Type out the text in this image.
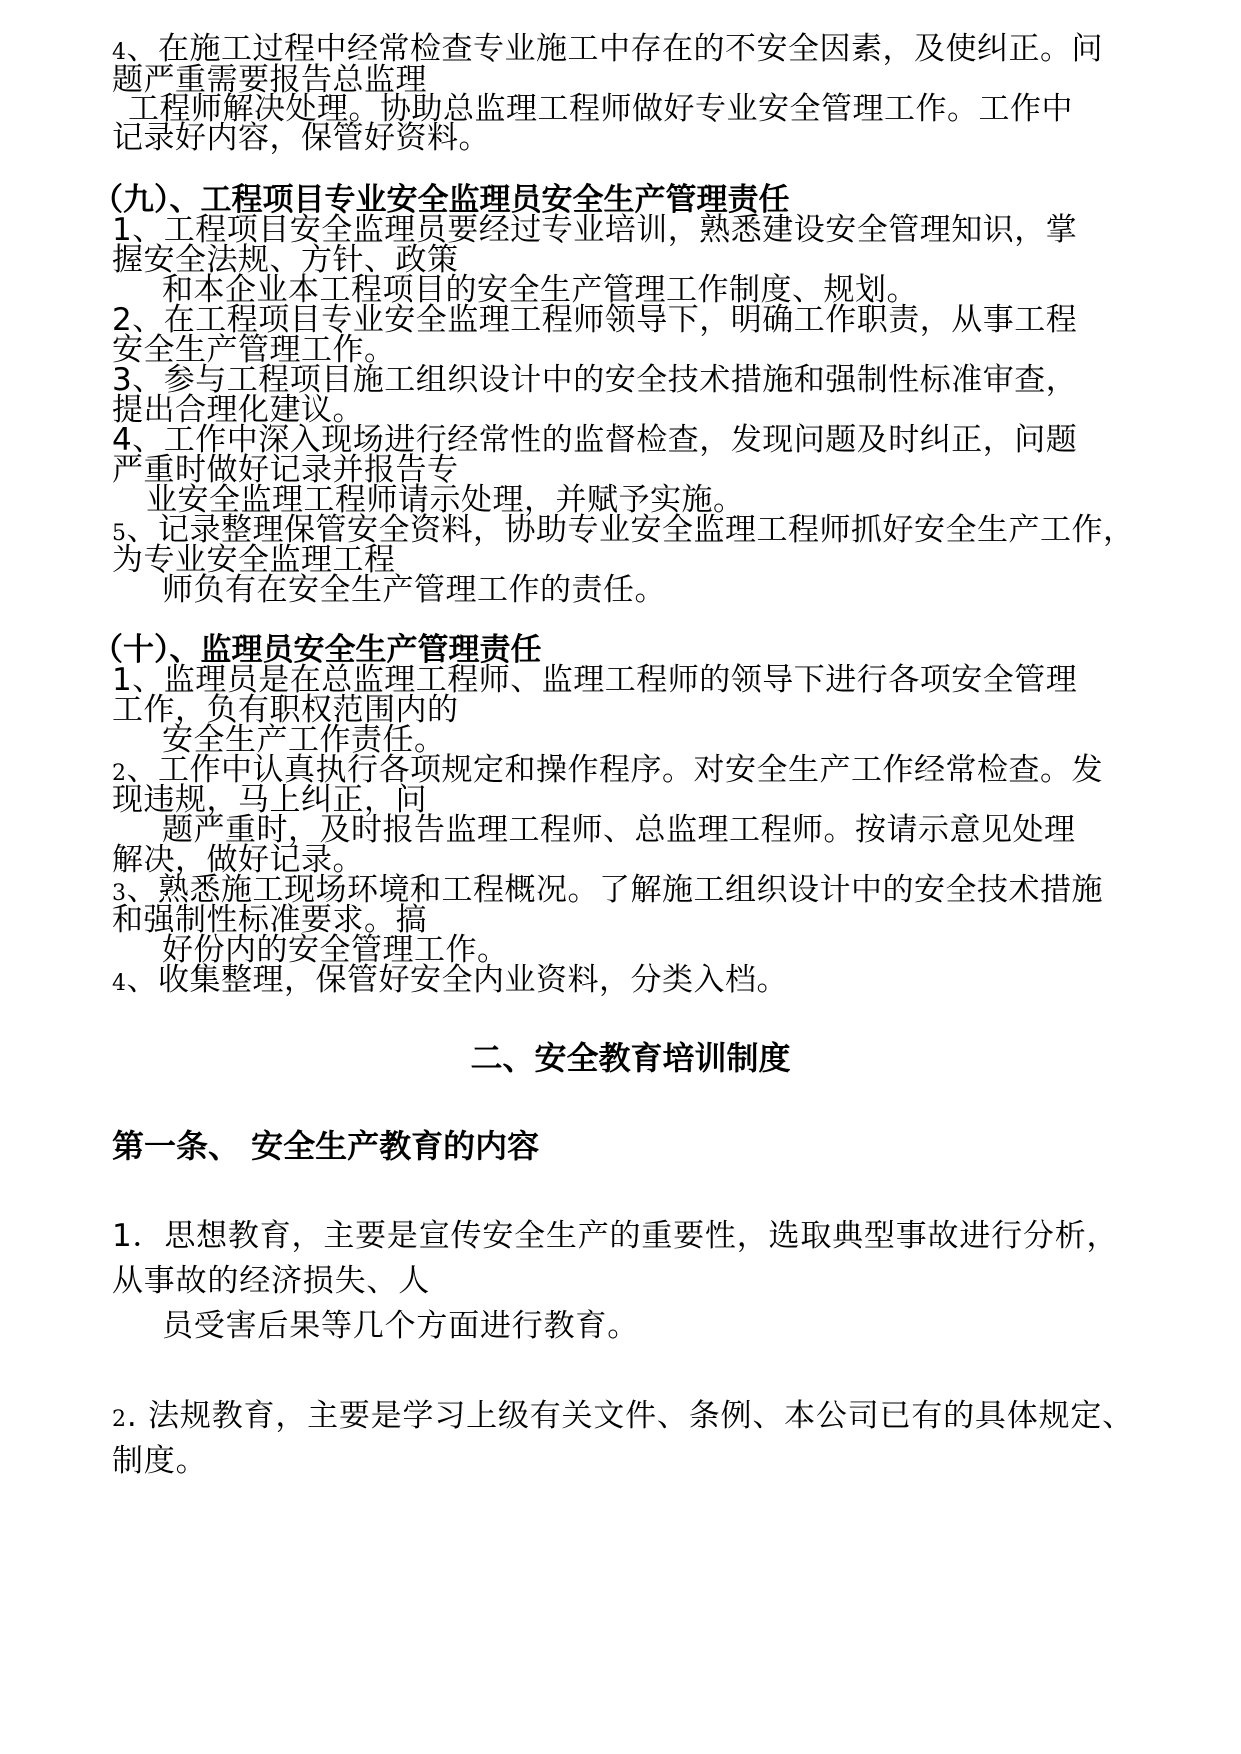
4、在施工过程中经常检查专业施工中存在的不安全因素，及使纠正。问
题严重需要报告总监理
工程师解决处理。协助总监理工程师做好专业安全管理工作。工作中
记录好内容，保管好资料。
（九）、工程项目专业安全监理员安全生产管理责任
1、工程项目安全监理员要经过专业培训，熟悉建设安全管理知识，掌
握安全法规、方针、政策
和本企业本工程项目的安全生产管理工作制度、规划。
2、在工程项目专业安全监理工程师领导下，明确工作职责，从事工程
安全生产管理工作。
3、参与工程项目施工组织设计中的安全技术措施和强制性标准审查，
提出合理化建议。
4、工作中深入现场进行经常性的监督检查，发现问题及时纠正，问题
严重时做好记录并报告专
业安全监理工程师请示处理，并赋予实施。
5、记录整理保管安全资料，协助专业安全监理工程师抓好安全生产工作，
为专业安全监理工程
师负有在安全生产管理工作的责任。
（十）、监理员安全生产管理责任
1、监理员是在总监理工程师、监理工程师的领导下进行各项安全管理
工作，负有职权范围内的
安全生产工作责任。
2、工作中认真执行各项规定和操作程序。对安全生产工作经常检查。发
现违规，马上纠正，问
题严重时，及时报告监理工程师、总监理工程师。按请示意见处理
解决，做好记录。
3、熟悉施工现场环境和工程概况。了解施工组织设计中的安全技术措施
和强制性标准要求。搞
好份内的安全管理工作。
4、收集整理，保管好安全内业资料，分类入档。
二、安全教育培训制度
第一条、 安全生产教育的内容
1．思想教育，主要是宣传安全生产的重要性，选取典型事故进行分析，
从事故的经济损失、人
员受害后果等几个方面进行教育。
2. 法规教育，主要是学习上级有关文件、条例、本公司已有的具体规定、
制度。
